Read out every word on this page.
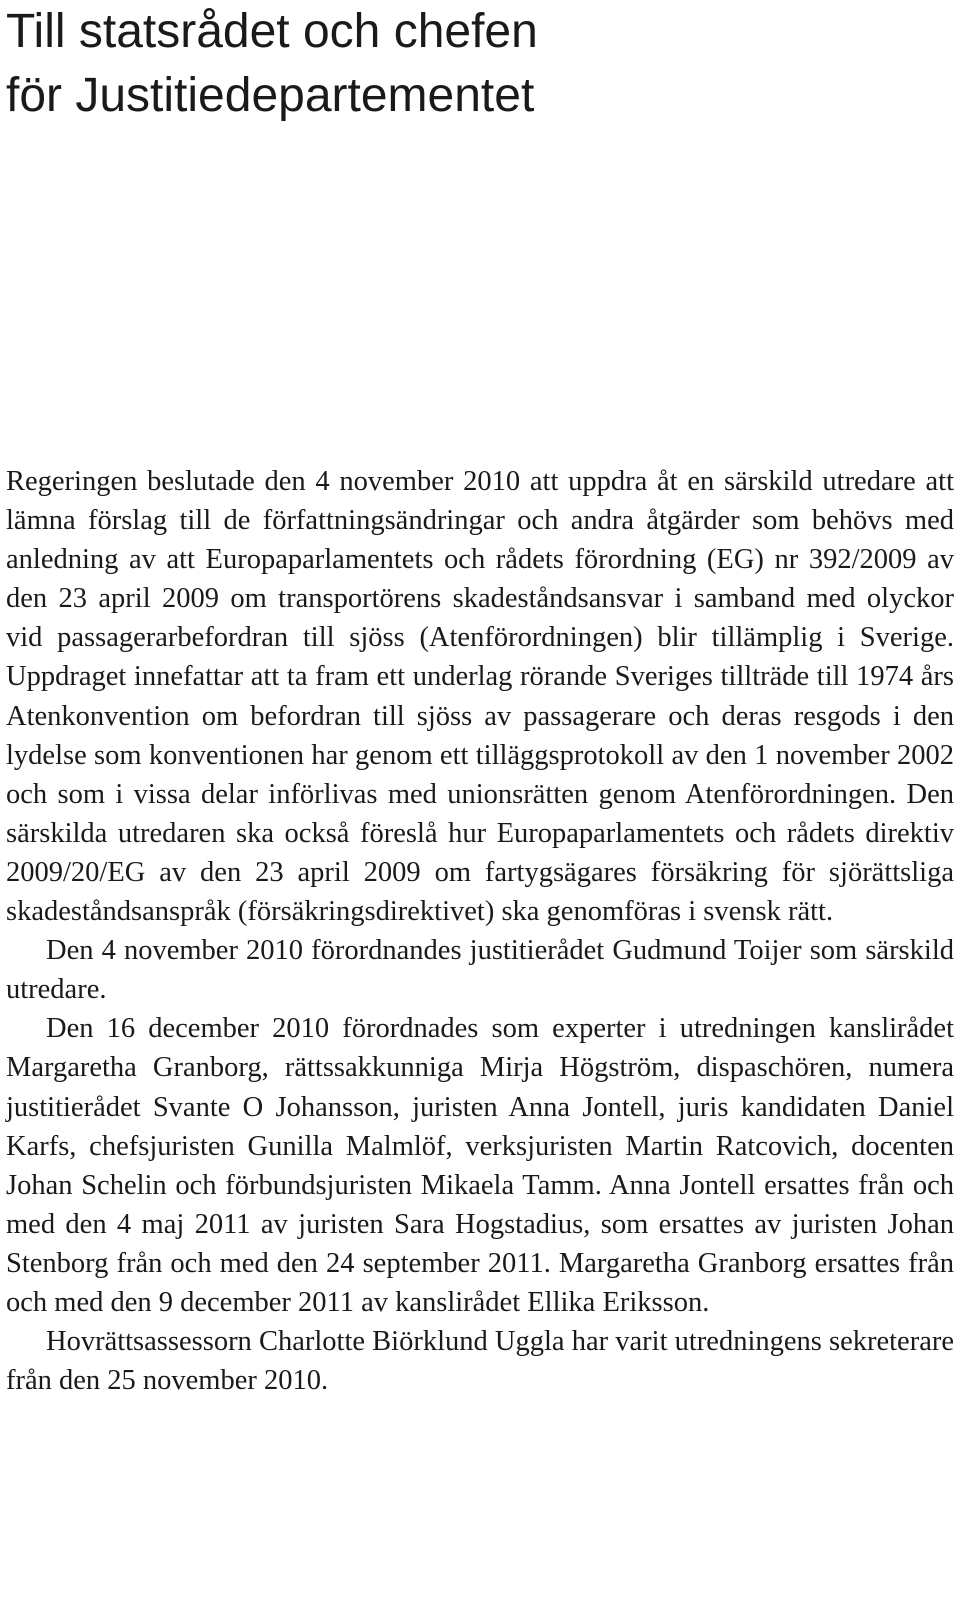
Till statsrådet och chefen
för Justitiedepartementet

Regeringen beslutade den 4 november 2010 att uppdra åt en särskild utredare att lämna förslag till de författningsändringar och andra åtgärder som behövs med anledning av att Europaparlamentets och rådets förordning (EG) nr 392/2009 av den 23 april 2009 om transportörens skadeståndsansvar i samband med olyckor vid passagerarbefordran till sjöss (Atenförordningen) blir tillämplig i Sverige. Uppdraget innefattar att ta fram ett underlag rörande Sveriges tillträde till 1974 års Atenkonvention om befordran till sjöss av passagerare och deras resgods i den lydelse som konventionen har genom ett tilläggsprotokoll av den 1 november 2002 och som i vissa delar införlivas med unionsrätten genom Atenförordningen. Den särskilda utredaren ska också föreslå hur Europaparlamentets och rådets direktiv 2009/20/EG av den 23 april 2009 om fartygsägares försäkring för sjörättsliga skadeståndsanspråk (försäkringsdirektivet) ska genomföras i svensk rätt.

Den 4 november 2010 förordnandes justitierådet Gudmund Toijer som särskild utredare.

Den 16 december 2010 förordnades som experter i utredningen kanslirådet Margaretha Granborg, rättssakkunniga Mirja Högström, dispaschören, numera justitierådet Svante O Johansson, juristen Anna Jontell, juris kandidaten Daniel Karfs, chefsjuristen Gunilla Malmlöf, verksjuristen Martin Ratcovich, docenten Johan Schelin och förbundsjuristen Mikaela Tamm. Anna Jontell ersattes från och med den 4 maj 2011 av juristen Sara Hogstadius, som ersattes av juristen Johan Stenborg från och med den 24 september 2011. Margaretha Granborg ersattes från och med den 9 december 2011 av kanslirådet Ellika Eriksson.

Hovrättsassessorn Charlotte Biörklund Uggla har varit utredningens sekreterare från den 25 november 2010.
